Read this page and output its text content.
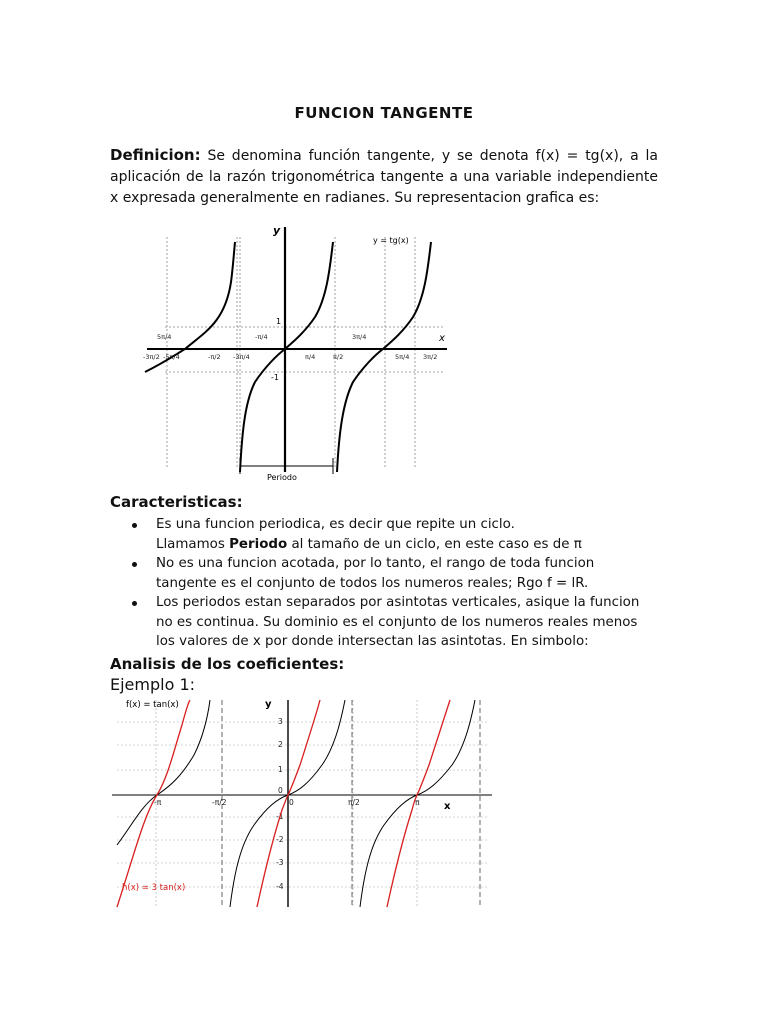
FUNCION TANGENTE
Definicion: Se denomina función tangente, y se denota f(x) = tg(x), a la aplicación de la razón trigonométrica tangente a una variable independiente x expresada generalmente en radianes. Su representacion grafica es:
y
x
y = tg(x)
1
-1
5π/4	-π/4	3π/4
-3π/2 -5π/4	-π/2 -3π/4	π/4	π/2	5π/4 3π/2
Periodo
Caracteristicas:
Es una funcion periodica, es decir que repite un ciclo.
Llamamos Periodo al tamaño de un ciclo, en este caso es de π
No es una funcion acotada, por lo tanto, el rango de toda funcion
tangente es el conjunto de todos los numeros reales; Rgo f = lR.
Los periodos estan separados por asintotas verticales, asique la funcion
no es continua. Su dominio es el conjunto de los numeros reales menos
los valores de x por donde intersectan las asintotas. En simbolo:
Analisis de los coeficientes:
Ejemplo 1:
f(x) = tan(x)
h(x) = 3 tan(x)
y
x
3
2
1
0
-1
-2
-3
-4
-π	-π/2	0	π/2	π
